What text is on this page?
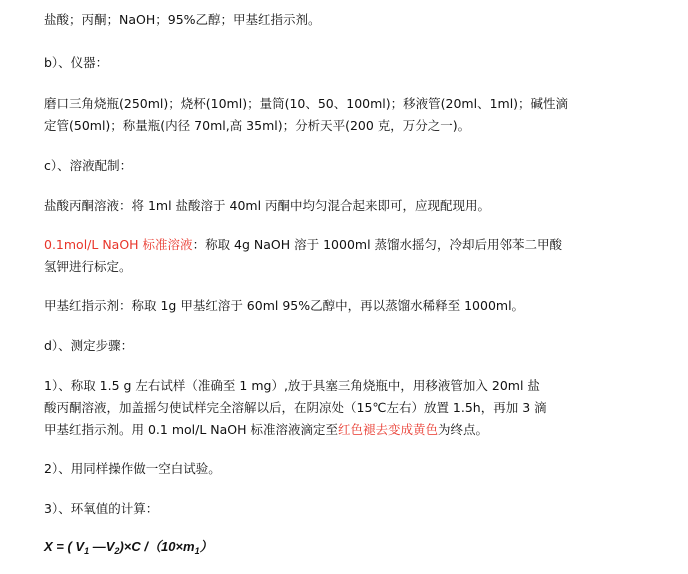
盐酸；丙酮；NaOH；95%乙醇；甲基红指示剂。
b）、仪器：
磨口三角烧瓶(250ml)；烧杯(10ml)；量筒(10、50、100ml)；移液管(20ml、1ml)；碱性滴
定管(50ml)；称量瓶(内径 70ml,高 35ml)；分析天平(200 克，万分之一)。
c）、溶液配制：
盐酸丙酮溶液：将 1ml 盐酸溶于 40ml 丙酮中均匀混合起来即可，应现配现用。
0.1mol/L NaOH 标准溶液：称取 4g NaOH 溶于 1000ml 蒸馏水摇匀，冷却后用邻苯二甲酸
氢钾进行标定。
甲基红指示剂：称取 1g 甲基红溶于 60ml 95%乙醇中，再以蒸馏水稀释至 1000ml。
d）、测定步骤：
1）、称取 1.5 g 左右试样（准确至 1 mg）,放于具塞三角烧瓶中，用移液管加入 20ml 盐
酸丙酮溶液，加盖摇匀使试样完全溶解以后，在阴凉处（15℃左右）放置 1.5h，再加 3 滴
甲基红指示剂。用 0.1 mol/L NaOH 标准溶液滴定至红色褪去变成黄色为终点。
2）、用同样操作做一空白试验。
3）、环氧值的计算：
X = ( $V_1$ $—V_2)\times C$ $/(10\times m_1)$
